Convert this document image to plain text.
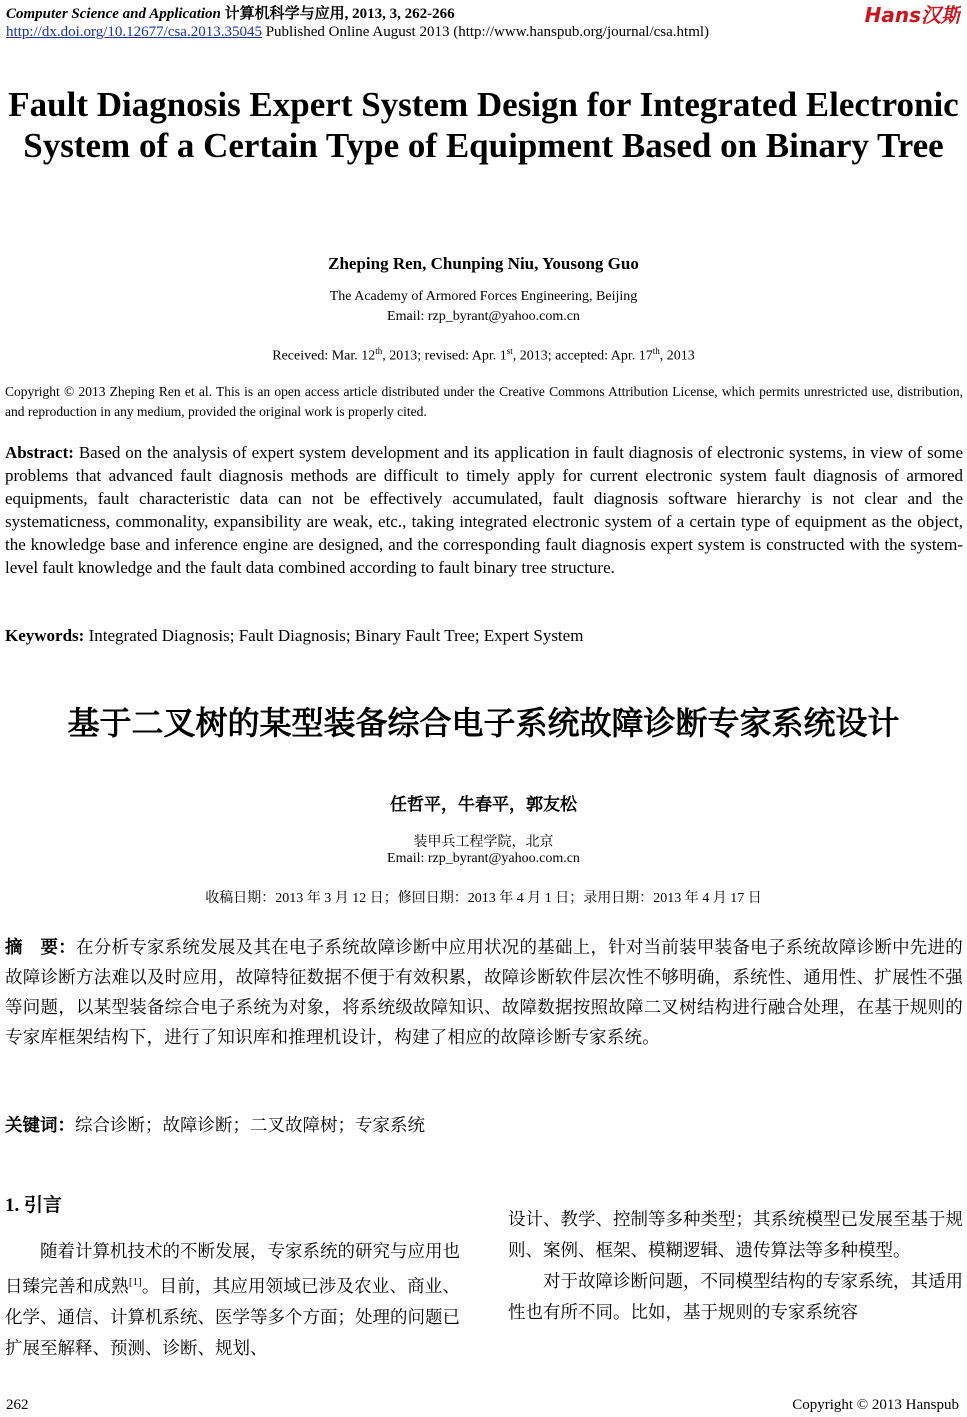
Computer Science and Application 计算机科学与应用, 2013, 3, 262-266
http://dx.doi.org/10.12677/csa.2013.35045 Published Online August 2013 (http://www.hanspub.org/journal/csa.html)
Hans汉斯
Fault Diagnosis Expert System Design for Integrated Electronic System of a Certain Type of Equipment Based on Binary Tree
Zheping Ren, Chunping Niu, Yousong Guo
The Academy of Armored Forces Engineering, Beijing
Email: rzp_byrant@yahoo.com.cn
Received: Mar. 12th, 2013; revised: Apr. 1st, 2013; accepted: Apr. 17th, 2013
Copyright © 2013 Zheping Ren et al. This is an open access article distributed under the Creative Commons Attribution License, which permits unrestricted use, distribution, and reproduction in any medium, provided the original work is properly cited.
Abstract: Based on the analysis of expert system development and its application in fault diagnosis of electronic systems, in view of some problems that advanced fault diagnosis methods are difficult to timely apply for current electronic system fault diagnosis of armored equipments, fault characteristic data can not be effectively accumulated, fault diagnosis software hierarchy is not clear and the systematicness, commonality, expansibility are weak, etc., taking integrated electronic system of a certain type of equipment as the object, the knowledge base and inference engine are designed, and the corresponding fault diagnosis expert system is constructed with the system-level fault knowledge and the fault data combined according to fault binary tree structure.
Keywords: Integrated Diagnosis; Fault Diagnosis; Binary Fault Tree; Expert System
基于二叉树的某型装备综合电子系统故障诊断专家系统设计
任哲平，牛春平，郭友松
装甲兵工程学院，北京
Email: rzp_byrant@yahoo.com.cn
收稿日期：2013 年 3 月 12 日；修回日期：2013 年 4 月 1 日；录用日期：2013 年 4 月 17 日
摘　要：在分析专家系统发展及其在电子系统故障诊断中应用状况的基础上，针对当前装甲装备电子系统故障诊断中先进的故障诊断方法难以及时应用，故障特征数据不便于有效积累，故障诊断软件层次性不够明确，系统性、通用性、扩展性不强等问题，以某型装备综合电子系统为对象，将系统级故障知识、故障数据按照故障二叉树结构进行融合处理，在基于规则的专家库框架结构下，进行了知识库和推理机设计，构建了相应的故障诊断专家系统。
关键词：综合诊断；故障诊断；二叉故障树；专家系统
1. 引言
随着计算机技术的不断发展，专家系统的研究与应用也日臻完善和成熟[1]。目前，其应用领域已涉及农业、商业、化学、通信、计算机系统、医学等多个方面；处理的问题已扩展至解释、预测、诊断、规划、

设计、教学、控制等多种类型；其系统模型已发展至基于规则、案例、框架、模糊逻辑、遗传算法等多种模型。

对于故障诊断问题，不同模型结构的专家系统，其适用性也有所不同。比如，基于规则的专家系统容

262	Copyright © 2013 Hanspub
